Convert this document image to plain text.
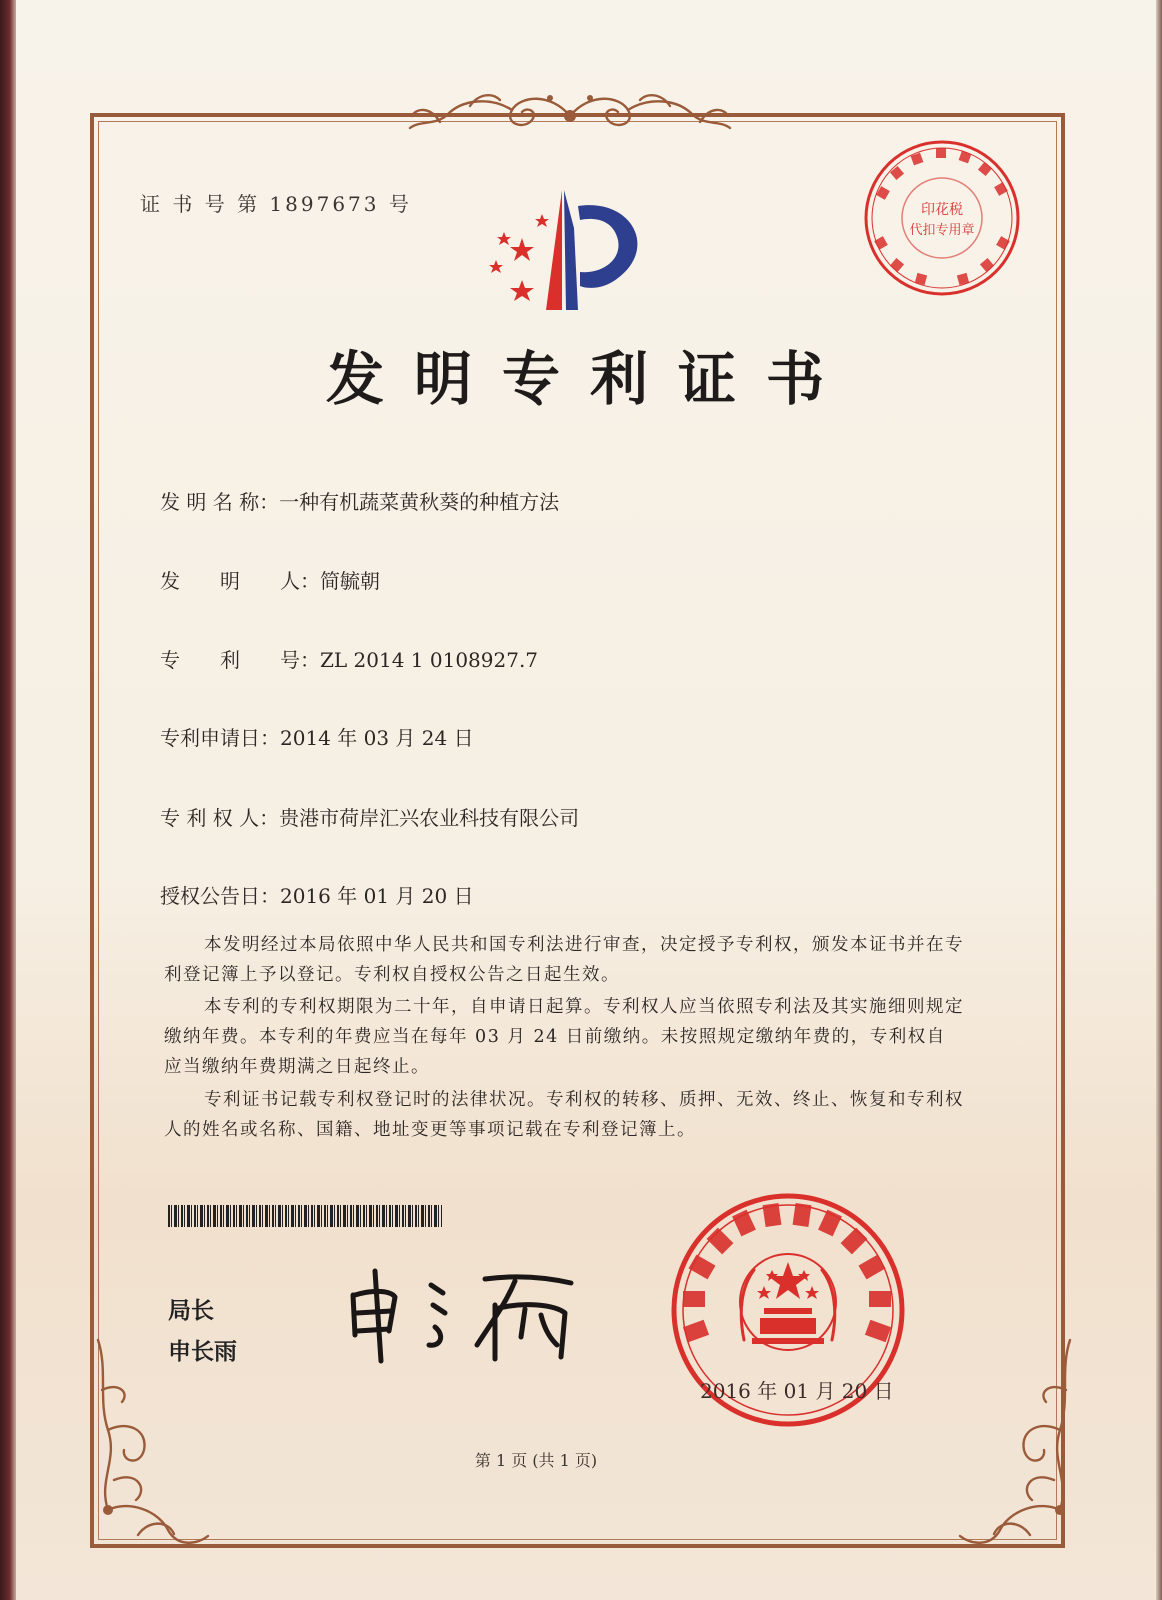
证 书 号 第 1897673 号	印花税
代扣专用章
发明专利证书
发 明 名 称：一种有机蔬菜黄秋葵的种植方法
发　　明　　人：简毓朝
专　　利　　号：ZL 2014 1 0108927.7
专利申请日：2014 年 03 月 24 日
专 利 权 人：贵港市荷岸汇兴农业科技有限公司
授权公告日：2016 年 01 月 20 日

本发明经过本局依照中华人民共和国专利法进行审查，决定授予专利权，颁发本证书并在专利登记簿上予以登记。专利权自授权公告之日起生效。

本专利的专利权期限为二十年，自申请日起算。专利权人应当依照专利法及其实施细则规定缴纳年费。本专利的年费应当在每年 03 月 24 日前缴纳。未按照规定缴纳年费的，专利权自应当缴纳年费期满之日起终止。

专利证书记载专利权登记时的法律状况。专利权的转移、质押、无效、终止、恢复和专利权人的姓名或名称、国籍、地址变更等事项记载在专利登记簿上。

局长
申长雨
2016 年 01 月 20 日
第 1 页 (共 1 页)
